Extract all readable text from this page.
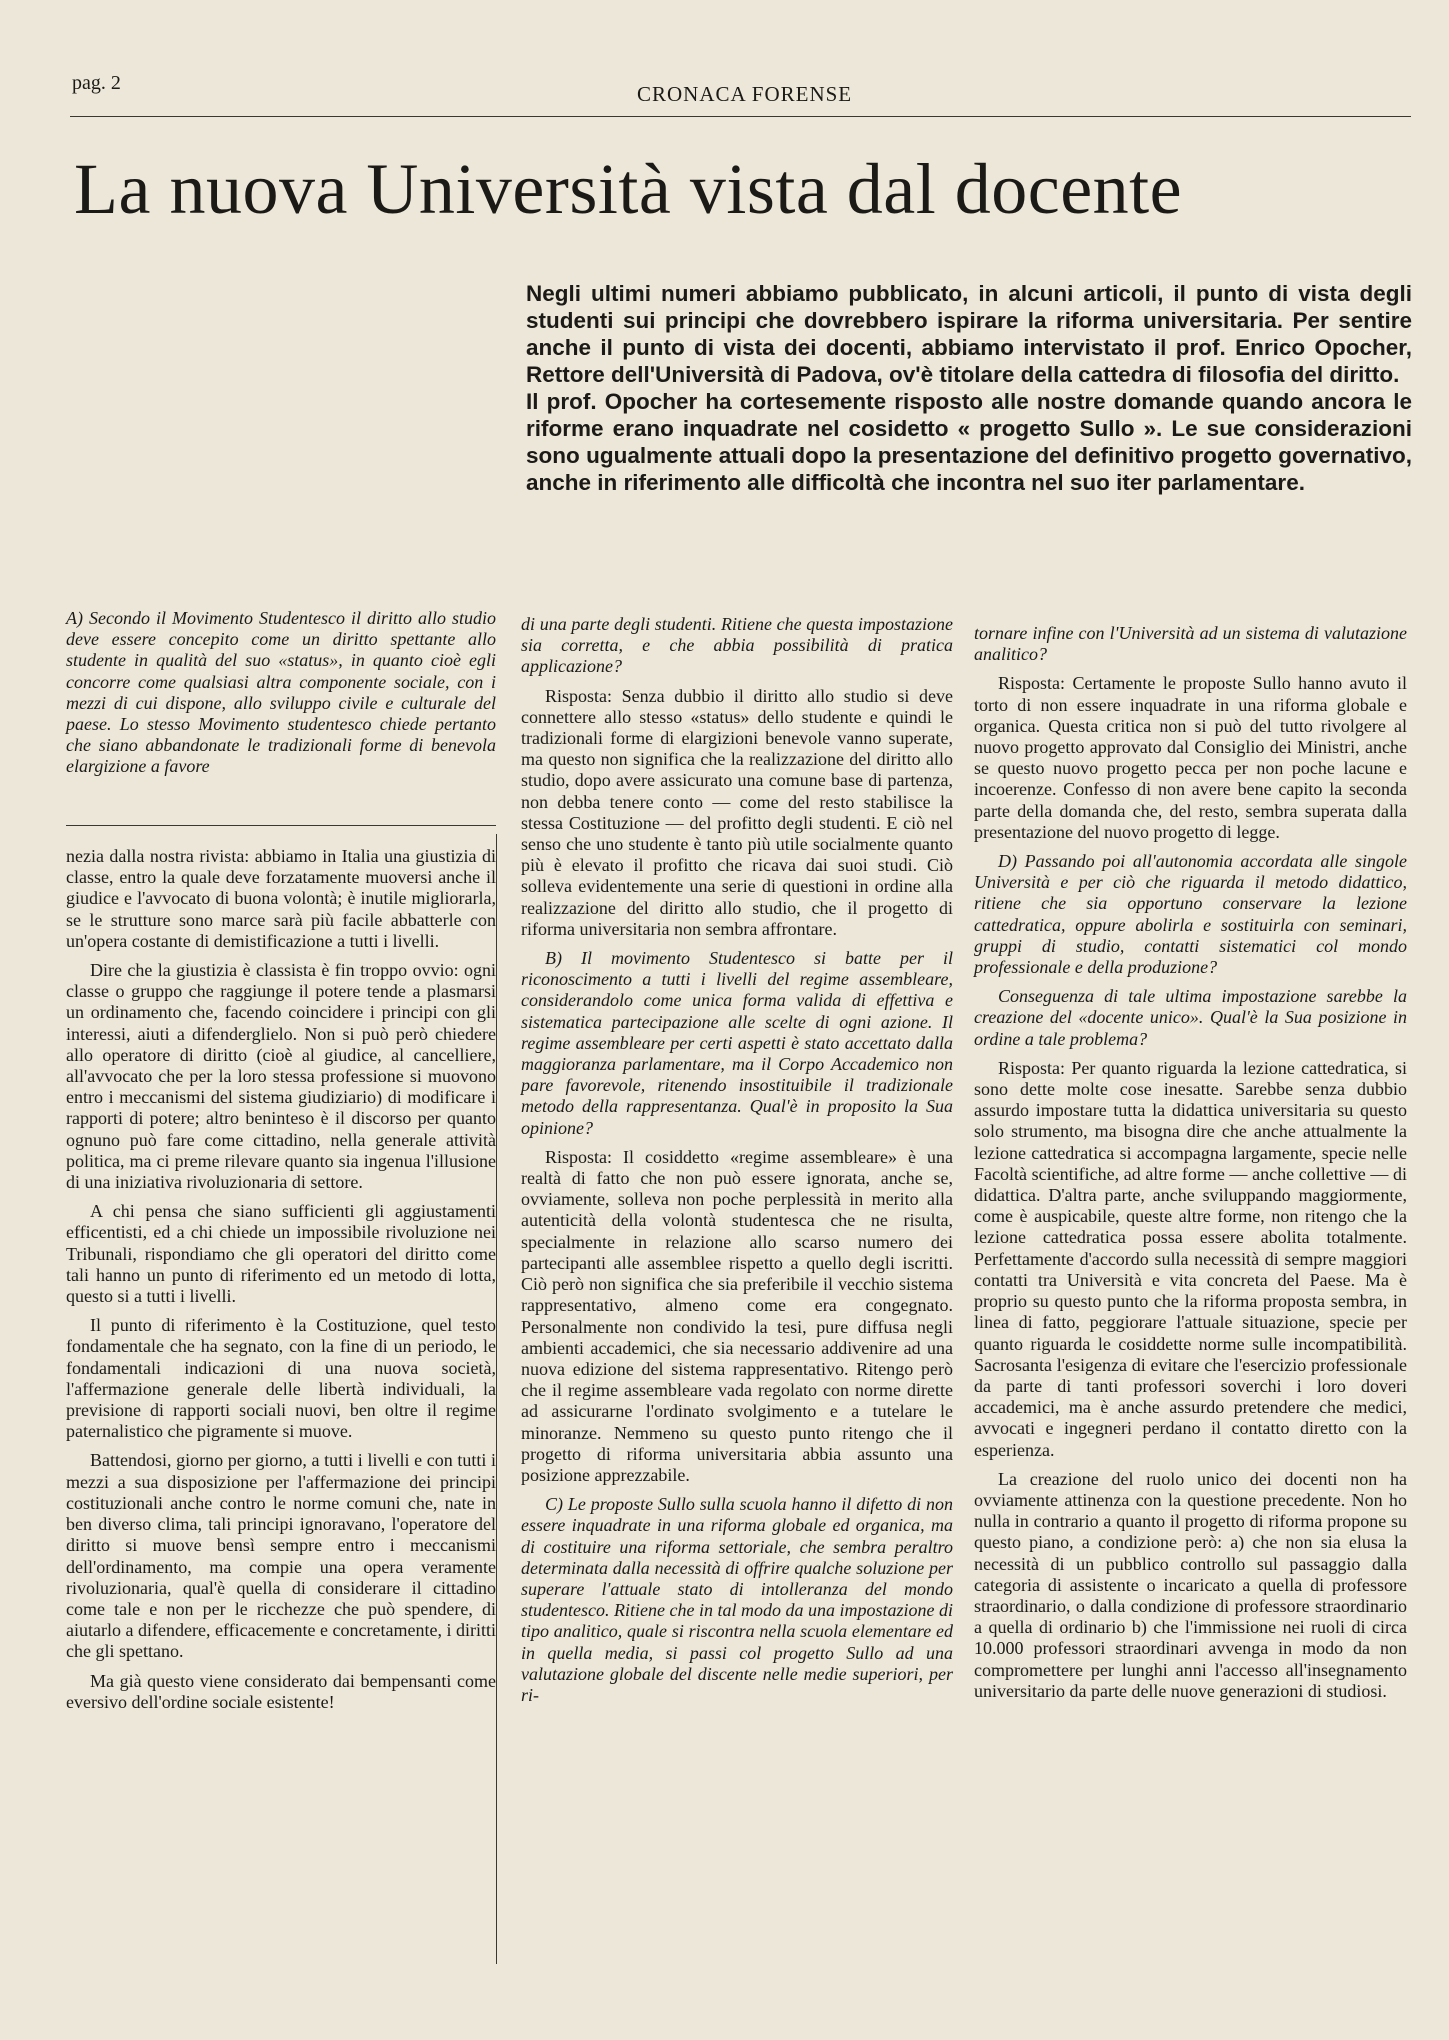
pag. 2	CRONACA FORENSE
La nuova Università vista dal docente

Negli ultimi numeri abbiamo pubblicato, in alcuni articoli, il punto di vista degli studenti sui principi che dovrebbero ispirare la riforma universitaria. Per sentire anche il punto di vista dei docenti, abbiamo intervistato il prof. Enrico Opocher, Rettore dell'Università di Padova, ov'è titolare della cattedra di filosofia del diritto.

Il prof. Opocher ha cortesemente risposto alle nostre domande quando ancora le riforme erano inquadrate nel cosidetto « progetto Sullo ». Le sue considerazioni sono ugualmente attuali dopo la presentazione del definitivo progetto governativo, anche in riferimento alle difficoltà che incontra nel suo iter parlamentare.

A) Secondo il Movimento Studentesco il diritto allo studio deve essere concepito come un diritto spettante allo studente in qualità del suo «status», in quanto cioè egli concorre come qualsiasi altra componente sociale, con i mezzi di cui dispone, allo sviluppo civile e culturale del paese. Lo stesso Movimento studentesco chiede pertanto che siano abbandonate le tradizionali forme di benevola elargizione a favore

nezia dalla nostra rivista: abbiamo in Italia una giustizia di classe, entro la quale deve forzatamente muoversi anche il giudice e l'avvocato di buona volontà; è inutile migliorarla, se le strutture sono marce sarà più facile abbatterle con un'opera costante di demistificazione a tutti i livelli.

Dire che la giustizia è classista è fin troppo ovvio: ogni classe o gruppo che raggiunge il potere tende a plasmarsi un ordinamento che, facendo coincidere i principi con gli interessi, aiuti a difenderglielo. Non si può però chiedere allo operatore di diritto (cioè al giudice, al cancelliere, all'avvocato che per la loro stessa professione si muovono entro i meccanismi del sistema giudiziario) di modificare i rapporti di potere; altro beninteso è il discorso per quanto ognuno può fare come cittadino, nella generale attività politica, ma ci preme rilevare quanto sia ingenua l'illusione di una iniziativa rivoluzionaria di settore.

A chi pensa che siano sufficienti gli aggiustamenti efficentisti, ed a chi chiede un impossibile rivoluzione nei Tribunali, rispondiamo che gli operatori del diritto come tali hanno un punto di riferimento ed un metodo di lotta, questo si a tutti i livelli.

Il punto di riferimento è la Costituzione, quel testo fondamentale che ha segnato, con la fine di un periodo, le fondamentali indicazioni di una nuova società, l'affermazione generale delle libertà individuali, la previsione di rapporti sociali nuovi, ben oltre il regime paternalistico che pigramente si muove.

Battendosi, giorno per giorno, a tutti i livelli e con tutti i mezzi a sua disposizione per l'affermazione dei principi costituzionali anche contro le norme comuni che, nate in ben diverso clima, tali principi ignoravano, l'operatore del diritto si muove bensì sempre entro i meccanismi dell'ordinamento, ma compie una opera veramente rivoluzionaria, qual'è quella di considerare il cittadino come tale e non per le ricchezze che può spendere, di aiutarlo a difendere, efficacemente e concretamente, i diritti che gli spettano.

Ma già questo viene considerato dai bempensanti come eversivo dell'ordine sociale esistente!

di una parte degli studenti. Ritiene che questa impostazione sia corretta, e che abbia possibilità di pratica applicazione?

Risposta: Senza dubbio il diritto allo studio si deve connettere allo stesso «status» dello studente e quindi le tradizionali forme di elargizioni benevole vanno superate, ma questo non significa che la realizzazione del diritto allo studio, dopo avere assicurato una comune base di partenza, non debba tenere conto — come del resto stabilisce la stessa Costituzione — del profitto degli studenti. E ciò nel senso che uno studente è tanto più utile socialmente quanto più è elevato il profitto che ricava dai suoi studi. Ciò solleva evidentemente una serie di questioni in ordine alla realizzazione del diritto allo studio, che il progetto di riforma universitaria non sembra affrontare.

B) Il movimento Studentesco si batte per il riconoscimento a tutti i livelli del regime assembleare, considerandolo come unica forma valida di effettiva e sistematica partecipazione alle scelte di ogni azione. Il regime assembleare per certi aspetti è stato accettato dalla maggioranza parlamentare, ma il Corpo Accademico non pare favorevole, ritenendo insostituibile il tradizionale metodo della rappresentanza. Qual'è in proposito la Sua opinione?

Risposta: Il cosiddetto «regime assembleare» è una realtà di fatto che non può essere ignorata, anche se, ovviamente, solleva non poche perplessità in merito alla autenticità della volontà studentesca che ne risulta, specialmente in relazione allo scarso numero dei partecipanti alle assemblee rispetto a quello degli iscritti. Ciò però non significa che sia preferibile il vecchio sistema rappresentativo, almeno come era congegnato. Personalmente non condivido la tesi, pure diffusa negli ambienti accademici, che sia necessario addivenire ad una nuova edizione del sistema rappresentativo. Ritengo però che il regime assembleare vada regolato con norme dirette ad assicurarne l'ordinato svolgimento e a tutelare le minoranze. Nemmeno su questo punto ritengo che il progetto di riforma universitaria abbia assunto una posizione apprezzabile.

C) Le proposte Sullo sulla scuola hanno il difetto di non essere inquadrate in una riforma globale ed organica, ma di costituire una riforma settoriale, che sembra peraltro determinata dalla necessità di offrire qualche soluzione per superare l'attuale stato di intolleranza del mondo studentesco. Ritiene che in tal modo da una impostazione di tipo analitico, quale si riscontra nella scuola elementare ed in quella media, si passi col progetto Sullo ad una valutazione globale del discente nelle medie superiori, per ri-

tornare infine con l'Università ad un sistema di valutazione analitico?

Risposta: Certamente le proposte Sullo hanno avuto il torto di non essere inquadrate in una riforma globale e organica. Questa critica non si può del tutto rivolgere al nuovo progetto approvato dal Consiglio dei Ministri, anche se questo nuovo progetto pecca per non poche lacune e incoerenze. Confesso di non avere bene capito la seconda parte della domanda che, del resto, sembra superata dalla presentazione del nuovo progetto di legge.

D) Passando poi all'autonomia accordata alle singole Università e per ciò che riguarda il metodo didattico, ritiene che sia opportuno conservare la lezione cattedratica, oppure abolirla e sostituirla con seminari, gruppi di studio, contatti sistematici col mondo professionale e della produzione?

Conseguenza di tale ultima impostazione sarebbe la creazione del «docente unico». Qual'è la Sua posizione in ordine a tale problema?

Risposta: Per quanto riguarda la lezione cattedratica, si sono dette molte cose inesatte. Sarebbe senza dubbio assurdo impostare tutta la didattica universitaria su questo solo strumento, ma bisogna dire che anche attualmente la lezione cattedratica si accompagna largamente, specie nelle Facoltà scientifiche, ad altre forme — anche collettive — di didattica. D'altra parte, anche sviluppando maggiormente, come è auspicabile, queste altre forme, non ritengo che la lezione cattedratica possa essere abolita totalmente. Perfettamente d'accordo sulla necessità di sempre maggiori contatti tra Università e vita concreta del Paese. Ma è proprio su questo punto che la riforma proposta sembra, in linea di fatto, peggiorare l'attuale situazione, specie per quanto riguarda le cosiddette norme sulle incompatibilità. Sacrosanta l'esigenza di evitare che l'esercizio professionale da parte di tanti professori soverchi i loro doveri accademici, ma è anche assurdo pretendere che medici, avvocati e ingegneri perdano il contatto diretto con la esperienza.

La creazione del ruolo unico dei docenti non ha ovviamente attinenza con la questione precedente. Non ho nulla in contrario a quanto il progetto di riforma propone su questo piano, a condizione però: a) che non sia elusa la necessità di un pubblico controllo sul passaggio dalla categoria di assistente o incaricato a quella di professore straordinario, o dalla condizione di professore straordinario a quella di ordinario b) che l'immissione nei ruoli di circa 10.000 professori straordinari avvenga in modo da non compromettere per lunghi anni l'accesso all'insegnamento universitario da parte delle nuove generazioni di studiosi.
